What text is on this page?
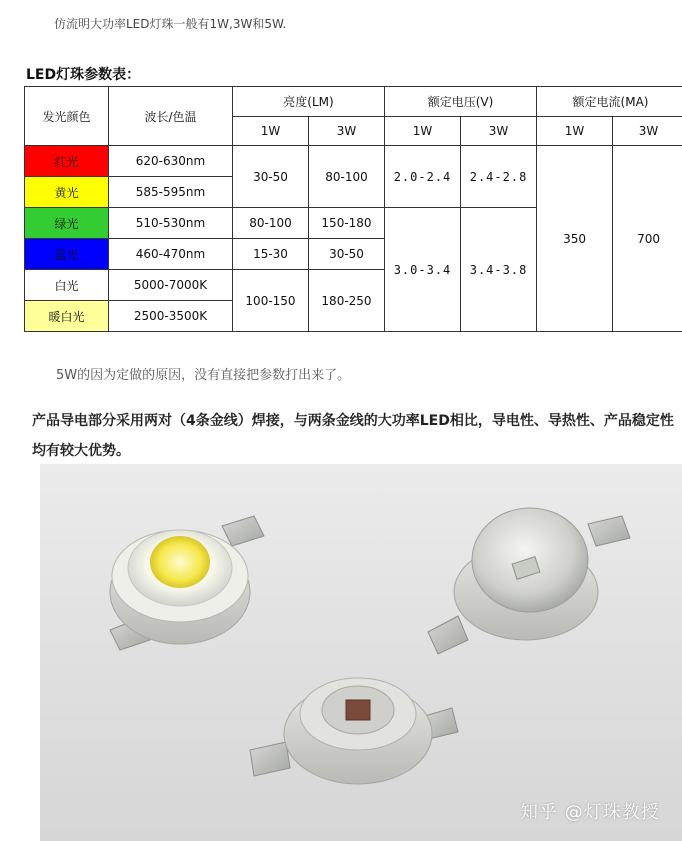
仿流明大功率LED灯珠一般有1W,3W和5W.
LED灯珠参数表：
发光颜色	波长/色温	亮度(LM)		额定电压(V)		额定电流(MA)	
		1W	3W	1W	3W	1W	3W
红光	620-630nm	30-50	80-100	2.0-2.4	2.4-2.8	350	700
黄光	585-595nm						
绿光	510-530nm	80-100	150-180	3.0-3.4	3.4-3.8		
蓝光	460-470nm	15-30	30-50				
白光	5000-7000K	100-150	180-250				
暖白光	2500-3500K						
5W的因为定做的原因，没有直接把参数打出来了。
产品导电部分采用两对（4条金线）焊接，与两条金线的大功率LED相比，导电性、导热性、产品稳定性均有较大优势。
知乎 @灯珠教授
